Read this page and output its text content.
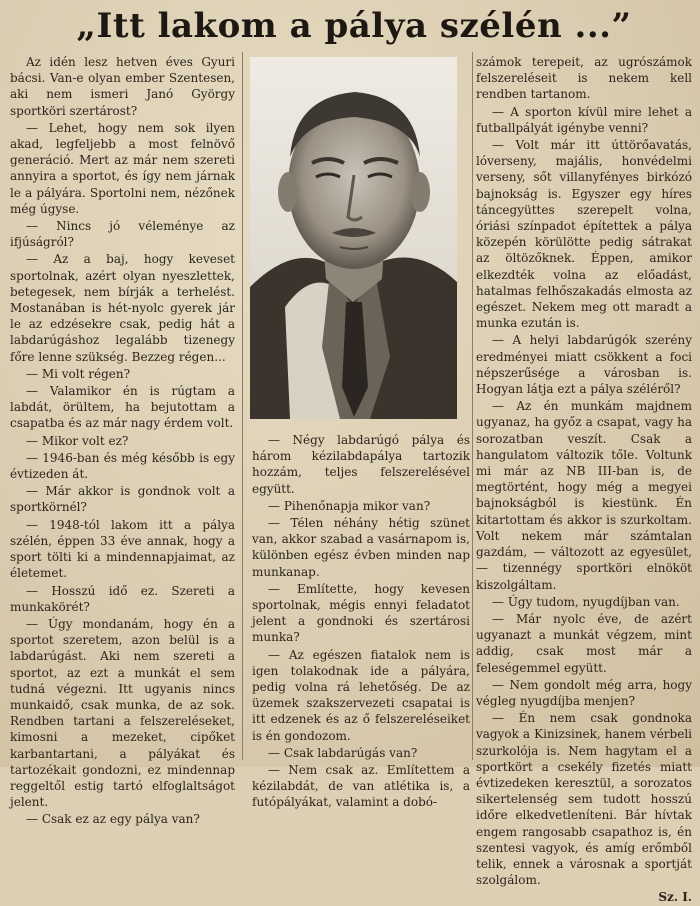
„Itt lakom a pálya szélén ...”

Az idén lesz hetven éves Gyuri bácsi. Van-e olyan ember Szentesen, aki nem ismeri Janó György sportköri szertárost?

— Lehet, hogy nem sok ilyen akad, legfeljebb a most felnövő generáció. Mert az már nem szereti annyira a sportot, és így nem járnak le a pályára. Sportolni nem, nézőnek még úgyse.

— Nincs jó véleménye az ifjúságról?

— Az a baj, hogy keveset sportolnak, azért olyan nyeszlettek, betegesek, nem bírják a terhelést. Mostanában is hét-nyolc gyerek jár le az edzésekre csak, pedig hát a labdarúgáshoz legalább tizenegy főre lenne szükség. Bezzeg régen...

— Mi volt régen?

— Valamikor én is rúgtam a labdát, örültem, ha bejutottam a csapatba és az már nagy érdem volt.

— Mikor volt ez?

— 1946-ban és még később is egy évtizeden át.

— Már akkor is gondnok volt a sportkörnél?

— 1948-tól lakom itt a pálya szélén, éppen 33 éve annak, hogy a sport tölti ki a mindennapjaimat, az életemet.

— Hosszú idő ez. Szereti a munkakörét?

— Úgy mondanám, hogy én a sportot szeretem, azon belül is a labdarúgást. Aki nem szereti a sportot, az ezt a munkát el sem tudná végezni. Itt ugyanis nincs munkaidő, csak munka, de az sok. Rendben tartani a felszereléseket, kimosni a mezeket, cipőket karbantartani, a pályákat és tartozékait gondozni, ez mindennap reggeltől estig tartó elfoglaltságot jelent.

— Csak ez az egy pálya van?

— Négy labdarúgó pálya és három kézilabdapálya tartozik hozzám, teljes felszerelésével együtt.

— Pihenőnapja mikor van?

— Télen néhány hétig szünet van, akkor szabad a vasárnapom is, különben egész évben minden nap munkanap.

— Említette, hogy kevesen sportolnak, mégis ennyi feladatot jelent a gondnoki és szertárosi munka?

— Az egészen fiatalok nem is igen tolakodnak ide a pályára, pedig volna rá lehetőség. De az üzemek szakszervezeti csapatai is itt edzenek és az ő felszereléseiket is én gondozom.

— Csak labdarúgás van?

— Nem csak az. Említettem a kézilabdát, de van atlétika is, a futópályákat, valamint a dobó-

számok terepeit, az ugrószámok felszereléseit is nekem kell rendben tartanom.

— A sporton kívül mire lehet a futballpályát igénybe venni?

— Volt már itt úttörőavatás, lóverseny, majális, honvédelmi verseny, sőt villanyfényes birkózó bajnokság is. Egyszer egy híres táncegyüttes szerepelt volna, óriási színpadot építettek a pálya közepén körülötte pedig sátrakat az öltözőknek. Éppen, amikor elkezdték volna az előadást, hatalmas felhőszakadás elmosta az egészet. Nekem meg ott maradt a munka ezután is.

— A helyi labdarúgók szerény eredményei miatt csökkent a foci népszerűsége a városban is. Hogyan látja ezt a pálya széléről?

— Az én munkám majdnem ugyanaz, ha győz a csapat, vagy ha sorozatban veszít. Csak a hangulatom változik tőle. Voltunk mi már az NB III-ban is, de megtörtént, hogy még a megyei bajnokságból is kiestünk. Én kitartottam és akkor is szurkoltam. Volt nekem már számtalan gazdám, — változott az egyesület, — tizennégy sportköri elnököt kiszolgáltam.

— Úgy tudom, nyugdíjban van.

— Már nyolc éve, de azért ugyanazt a munkát végzem, mint addig, csak most már a feleségemmel együtt.

— Nem gondolt még arra, hogy végleg nyugdíjba menjen?

— Én nem csak gondnoka vagyok a Kinizsinek, hanem vérbeli szurkolója is. Nem hagytam el a sportkört a csekély fizetés miatt évtizedeken keresztül, a sorozatos sikertelenség sem tudott hosszú időre elkedvetleníteni. Bár hívtak engem rangosabb csapathoz is, én szentesi vagyok, és amíg erőmből telik, ennek a városnak a sportját szolgálom.

Sz. I.
